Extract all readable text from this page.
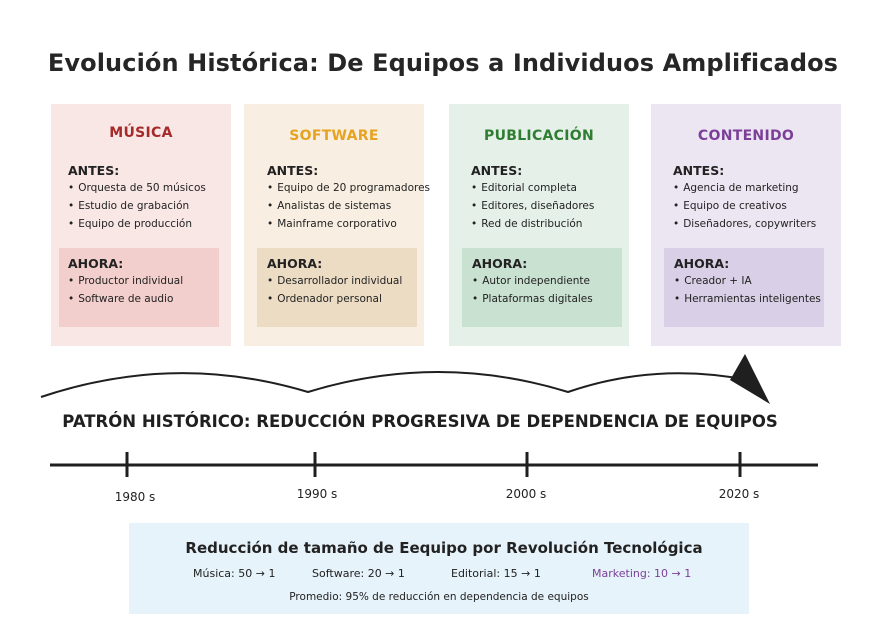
Evolución Histórica: De Equipos a Individuos Amplificados
MÚSICA
ANTES:
• Orquesta de 50 músicos
• Estudio de grabación
• Equipo de producción
AHORA:
• Productor individual
• Software de audio
SOFTWARE
ANTES:
• Equipo de 20 programadores
• Analistas de sistemas
• Mainframe corporativo
AHORA:
• Desarrollador individual
• Ordenador personal
PUBLICACIÓN
ANTES:
• Editorial completa
• Editores, diseñadores
• Red de distribución
AHORA:
• Autor independiente
• Plataformas digitales
CONTENIDO
ANTES:
• Agencia de marketing
• Equipo de creativos
• Diseñadores, copywriters
AHORA:
• Creador + IA
• Herramientas inteligentes
PATRÓN HISTÓRICO: REDUCCIÓN PROGRESIVA DE DEPENDENCIA DE EQUIPOS
1980 s	1990 s	2000 s	2020 s
Reducción de tamaño de Eequipo por Revolución Tecnológica
Música: 50 → 1	Software: 20 → 1	Editorial: 15 → 1	Marketing: 10 → 1
Promedio: 95% de reducción en dependencia de equipos
